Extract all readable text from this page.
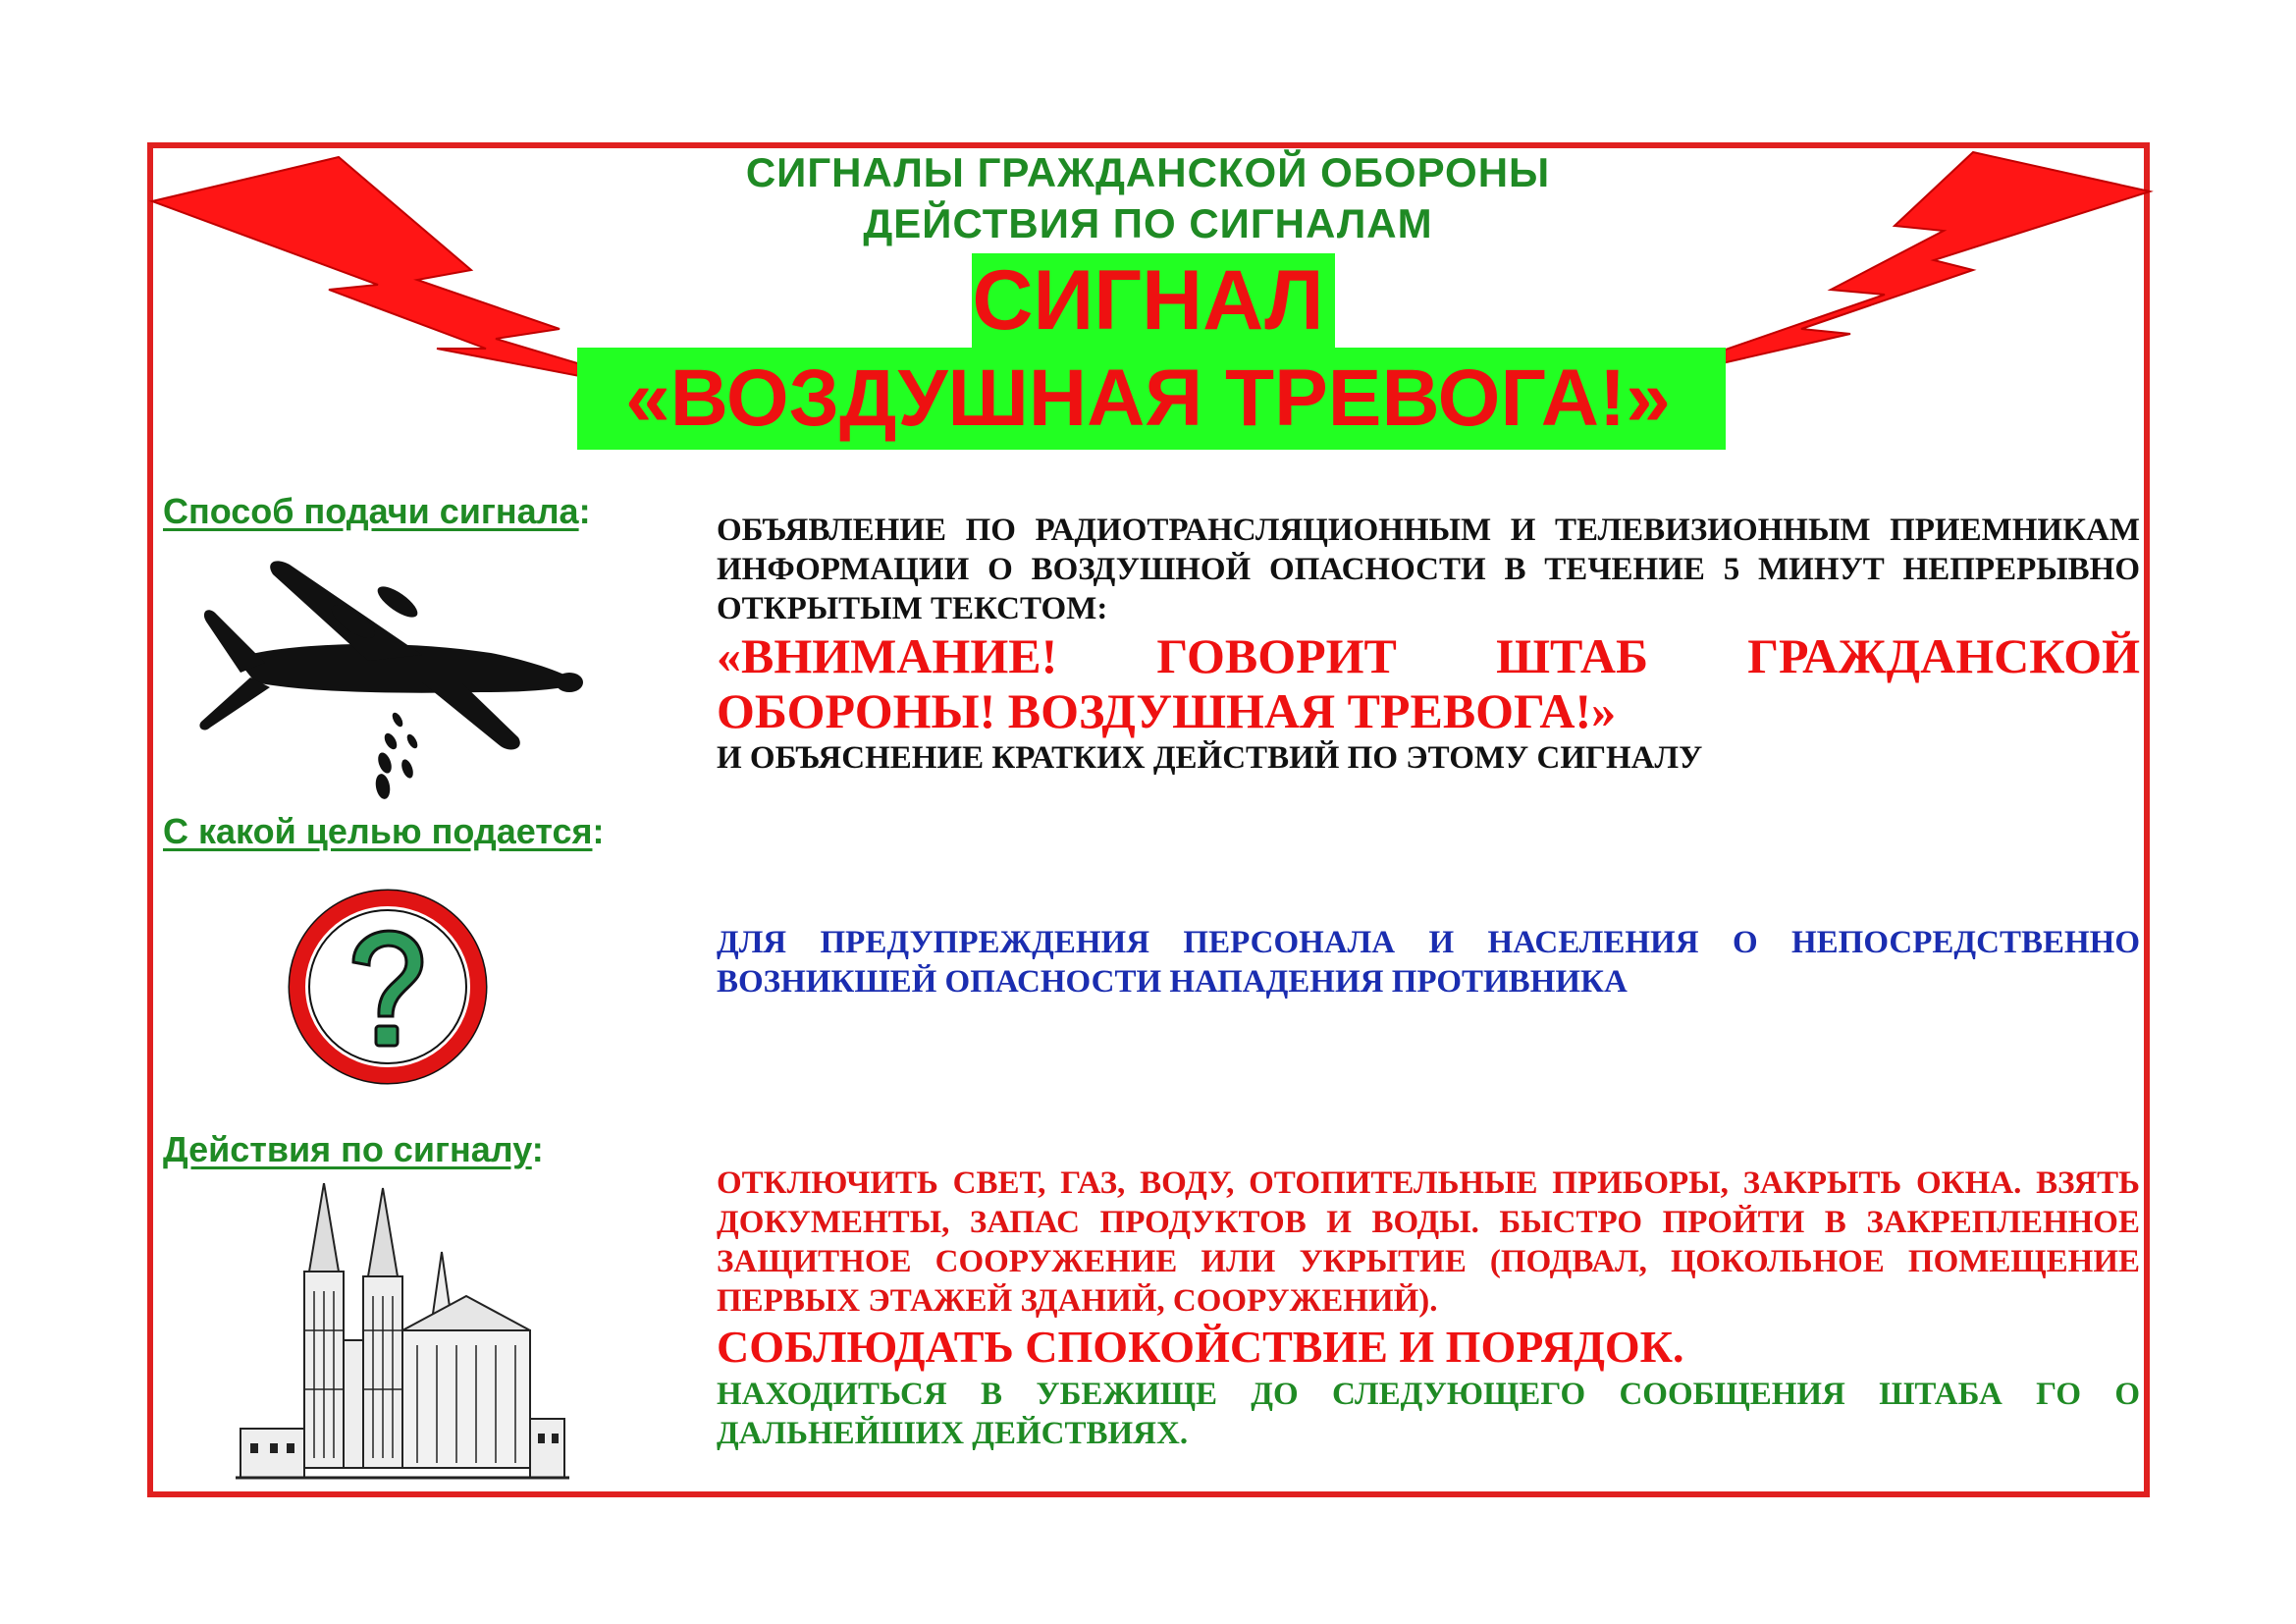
СИГНАЛЫ ГРАЖДАНСКОЙ ОБОРОНЫ
ДЕЙСТВИЯ ПО СИГНАЛАМ
СИГНАЛ
«ВОЗДУШНАЯ ТРЕВОГА!»
Способ подачи сигнала:	ОБЪЯВЛЕНИЕ ПО РАДИОТРАНСЛЯЦИОННЫМ И ТЕЛЕВИЗИОННЫМ ПРИЕМНИКАМ ИНФОРМАЦИИ О ВОЗДУШНОЙ ОПАСНОСТИ В ТЕЧЕНИЕ 5 МИНУТ НЕПРЕРЫВНО ОТКРЫТЫМ ТЕКСТОМ:
«ВНИМАНИЕ! ГОВОРИТ ШТАБ ГРАЖДАНСКОЙ ОБОРОНЫ! ВОЗДУШНАЯ ТРЕВОГА!»
И ОБЪЯСНЕНИЕ КРАТКИХ ДЕЙСТВИЙ ПО ЭТОМУ СИГНАЛУ
С какой целью подается:
ДЛЯ ПРЕДУПРЕЖДЕНИЯ ПЕРСОНАЛА И НАСЕЛЕНИЯ О НЕПОСРЕДСТВЕННО ВОЗНИКШЕЙ ОПАСНОСТИ НАПАДЕНИЯ ПРОТИВНИКА
Действия по сигналу:
ОТКЛЮЧИТЬ СВЕТ, ГАЗ, ВОДУ, ОТОПИТЕЛЬНЫЕ ПРИБОРЫ, ЗАКРЫТЬ ОКНА. ВЗЯТЬ ДОКУМЕНТЫ, ЗАПАС ПРОДУКТОВ И ВОДЫ. БЫСТРО ПРОЙТИ В ЗАКРЕПЛЕННОЕ ЗАЩИТНОЕ СООРУЖЕНИЕ ИЛИ УКРЫТИЕ (ПОДВАЛ, ЦОКОЛЬНОЕ ПОМЕЩЕНИЕ ПЕРВЫХ ЭТАЖЕЙ ЗДАНИЙ, СООРУЖЕНИЙ).
СОБЛЮДАТЬ СПОКОЙСТВИЕ И ПОРЯДОК.
НАХОДИТЬСЯ В УБЕЖИЩЕ ДО СЛЕДУЮЩЕГО СООБЩЕНИЯ ШТАБА ГО О ДАЛЬНЕЙШИХ ДЕЙСТВИЯХ.
